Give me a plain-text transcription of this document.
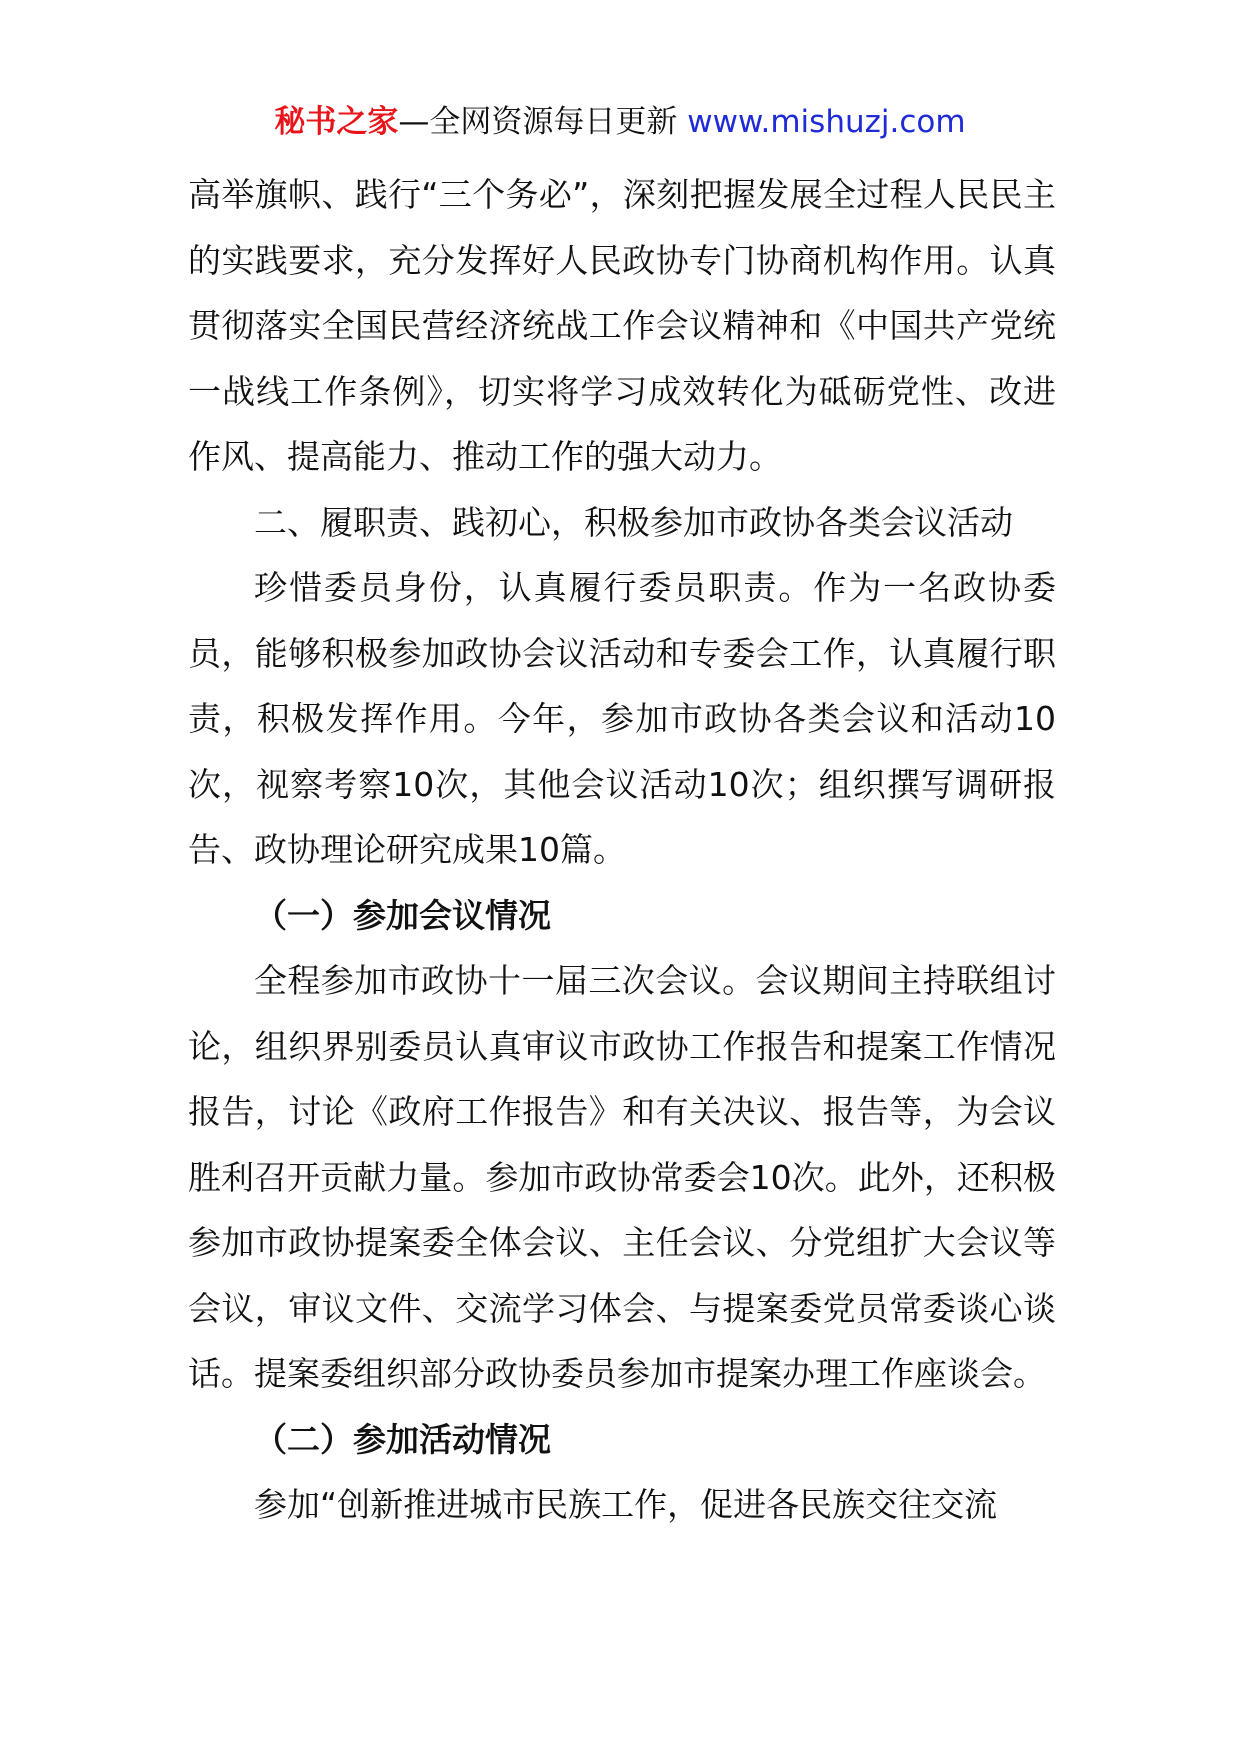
秘书之家—全网资源每日更新 www.mishuzj.com

高举旗帜、践行“三个务必”，深刻把握发展全过程人民民主的实践要求，充分发挥好人民政协专门协商机构作用。认真贯彻落实全国民营经济统战工作会议精神和《中国共产党统一战线工作条例》，切实将学习成效转化为砥砺党性、改进作风、提高能力、推动工作的强大动力。

二、履职责、践初心，积极参加市政协各类会议活动

珍惜委员身份，认真履行委员职责。作为一名政协委员，能够积极参加政协会议活动和专委会工作，认真履行职责，积极发挥作用。今年，参加市政协各类会议和活动10次，视察考察10次，其他会议活动10次；组织撰写调研报告、政协理论研究成果10篇。

（一）参加会议情况

全程参加市政协十一届三次会议。会议期间主持联组讨论，组织界别委员认真审议市政协工作报告和提案工作情况报告，讨论《政府工作报告》和有关决议、报告等，为会议胜利召开贡献力量。参加市政协常委会10次。此外，还积极参加市政协提案委全体会议、主任会议、分党组扩大会议等会议，审议文件、交流学习体会、与提案委党员常委谈心谈话。提案委组织部分政协委员参加市提案办理工作座谈会。

（二）参加活动情况

参加“创新推进城市民族工作，促进各民族交往交流
